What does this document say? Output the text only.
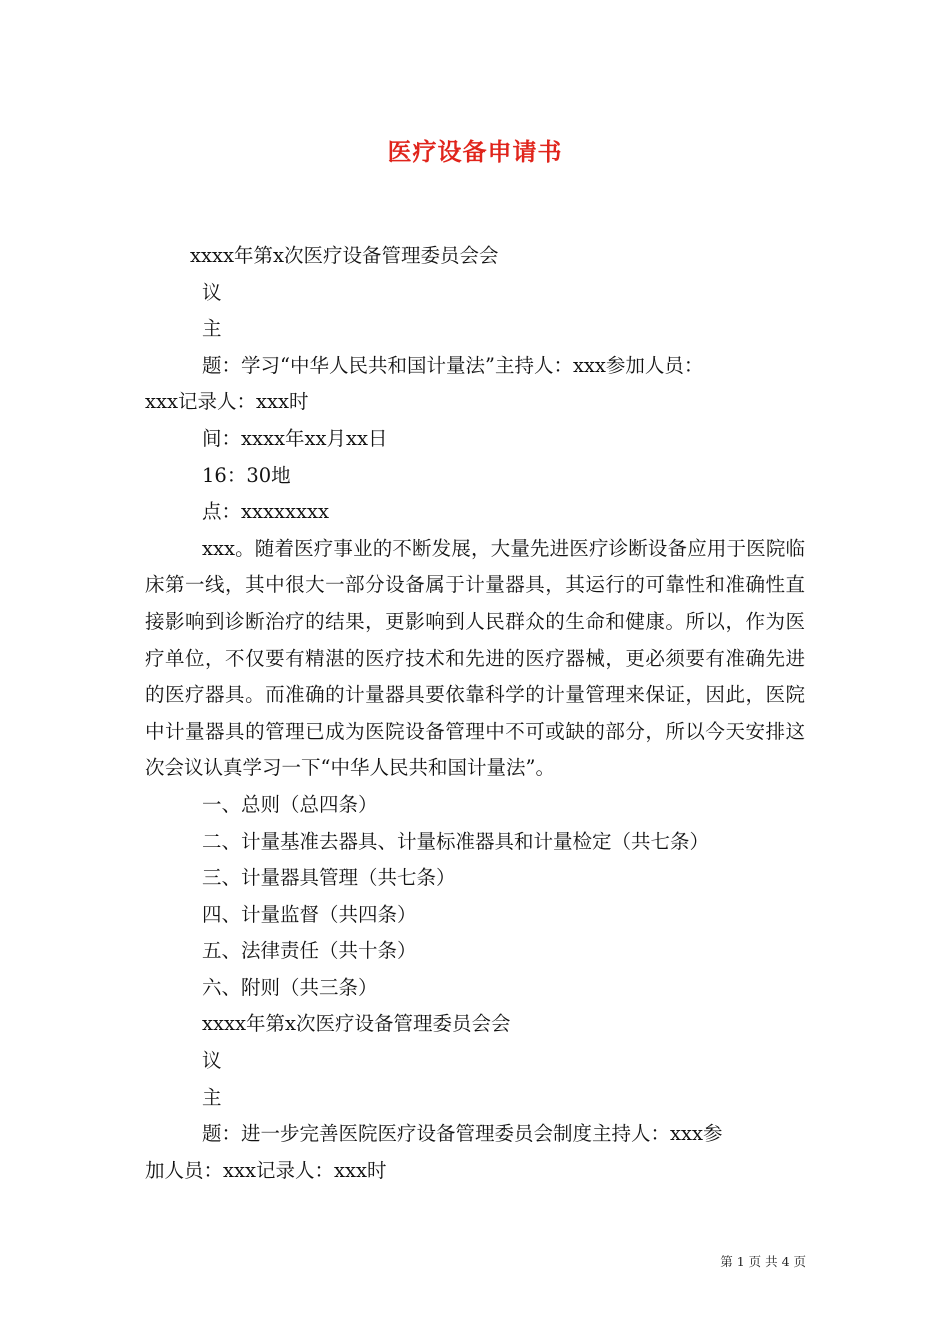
医疗设备申请书
xxxx年第x次医疗设备管理委员会会
议
主
题：学习“中华人民共和国计量法”主持人：xxx参加人员：
xxx记录人：xxx时
间：xxxx年xx月xx日
16：30地
点：xxxxxxxx
xxx。随着医疗事业的不断发展，大量先进医疗诊断设备应用于医院临床第一线，其中很大一部分设备属于计量器具，其运行的可靠性和准确性直接影响到诊断治疗的结果，更影响到人民群众的生命和健康。所以，作为医疗单位，不仅要有精湛的医疗技术和先进的医疗器械，更必须要有准确先进的医疗器具。而准确的计量器具要依靠科学的计量管理来保证，因此，医院中计量器具的管理已成为医院设备管理中不可或缺的部分，所以今天安排这次会议认真学习一下“中华人民共和国计量法”。
一、总则（总四条）
二、计量基准去器具、计量标准器具和计量检定（共七条）
三、计量器具管理（共七条）
四、计量监督（共四条）
五、法律责任（共十条）
六、附则（共三条）
xxxx年第x次医疗设备管理委员会会
议
主
题：进一步完善医院医疗设备管理委员会制度主持人：xxx参
加人员：xxx记录人：xxx时
第 1 页 共 4 页
